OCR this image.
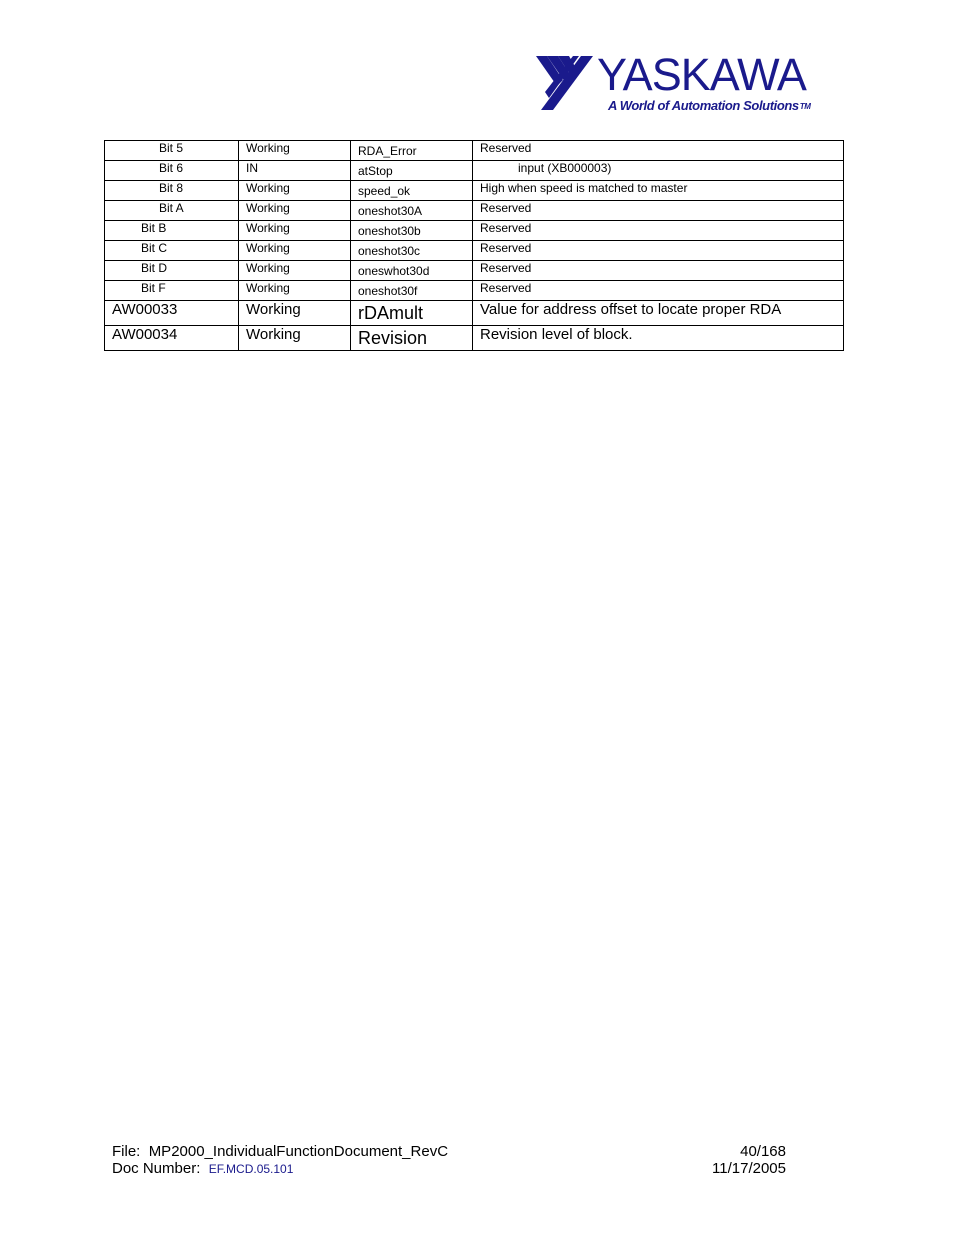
YASKAWA
A World of Automation SolutionsTM
Bit 5	Working	RDA_Error	Reserved
Bit 6	IN	atStop	input (XB000003)
Bit 8	Working	speed_ok	High when speed is matched to master
Bit A	Working	oneshot30A	Reserved
Bit B	Working	oneshot30b	Reserved
Bit C	Working	oneshot30c	Reserved
Bit D	Working	oneswhot30d	Reserved
Bit F	Working	oneshot30f	Reserved
AW00033	Working	rDAmult	Value for address offset to locate proper RDA
AW00034	Working	Revision	Revision level of block.
File: MP2000_IndividualFunctionDocument_RevC	40/168
Doc Number: EF.MCD.05.101	11/17/2005
